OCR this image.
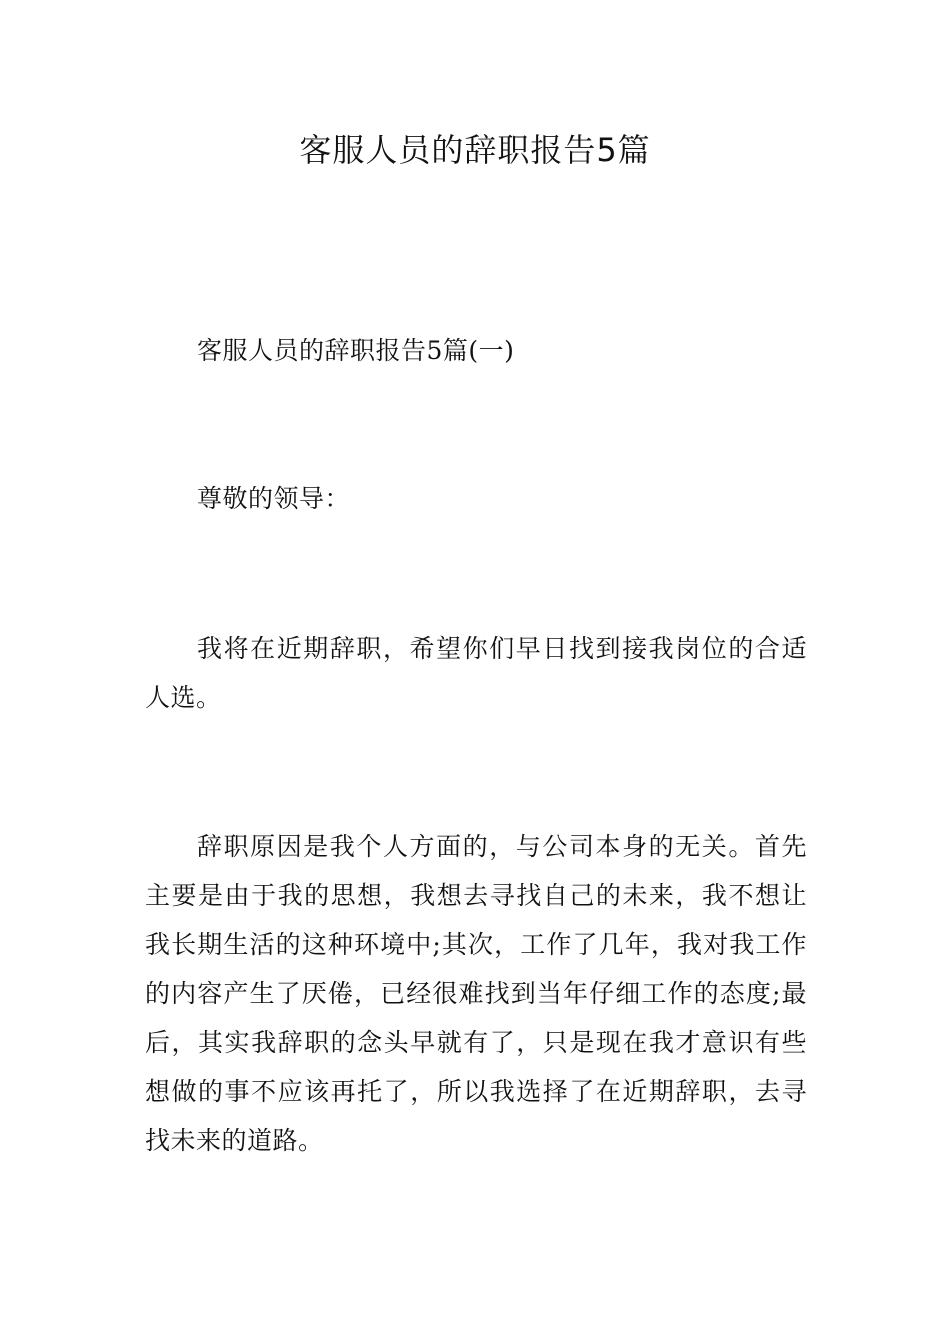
客服人员的辞职报告5篇

客服人员的辞职报告5篇(一)

尊敬的领导：

我将在近期辞职，希望你们早日找到接我岗位的合适人选。

辞职原因是我个人方面的，与公司本身的无关。首先主要是由于我的思想，我想去寻找自己的未来，我不想让我长期生活的这种环境中;其次，工作了几年，我对我工作的内容产生了厌倦，已经很难找到当年仔细工作的态度;最后，其实我辞职的念头早就有了，只是现在我才意识有些想做的事不应该再托了，所以我选择了在近期辞职，去寻找未来的道路。
